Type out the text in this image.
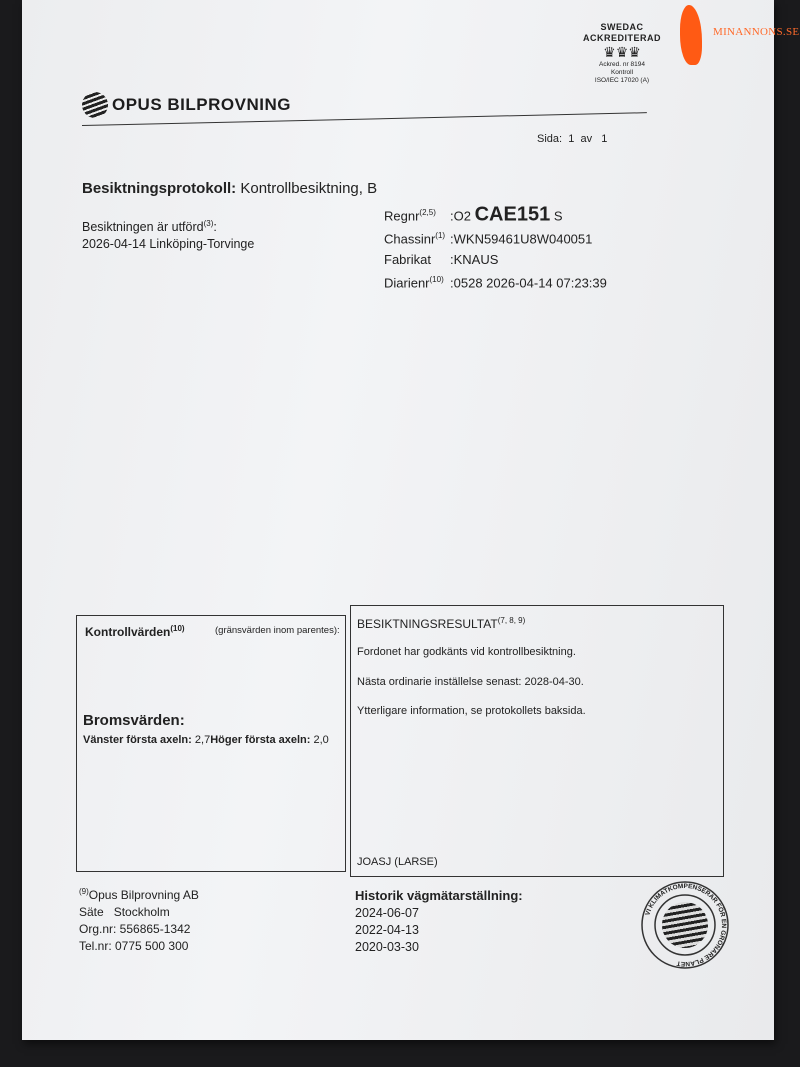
OPUS BILPROVNING
SWEDAC ACKREDITERAD
♛♛♛
Ackred. nr 8194
Kontroll
ISO/IEC 17020 (A)
Sida: 1 av 1
Besiktningsprotokoll: Kontrollbesiktning, B
Besiktningen är utförd$^{(3)}$:
2026-04-14 Linköping-Torvinge
Regnr$^{(2,5)}$ :O2 CAE151 S
Chassinr$^{(1)}$ :WKN59461U8W040051
Fabrikat :KNAUS
Diarienr$^{(10)}$ :0528 2026-04-14 07:23:39
Kontrollvärden$^{(10)}$	(gränsvärden inom parentes):
Bromsvärden:
Vänster första axeln: 2,7Höger första axeln: 2,0
BESIKTNINGSRESULTAT$^{(7, 8, 9)}$
Fordonet har godkänts vid kontrollbesiktning.
Nästa ordinarie inställelse senast: 2028-04-30.
Ytterligare information, se protokollets baksida.
JOASJ (LARSE)
$^{(9)}$Opus Bilprovning AB
Säte   Stockholm
Org.nr: 556865-1342
Tel.nr: 0775 500 300
Historik vägmätarställning:
2024-06-07
2022-04-13
2020-03-30
VI KLIMATKOMPENSERAR FÖR EN GRÖNARE PLANET
MINANNONS.SE
